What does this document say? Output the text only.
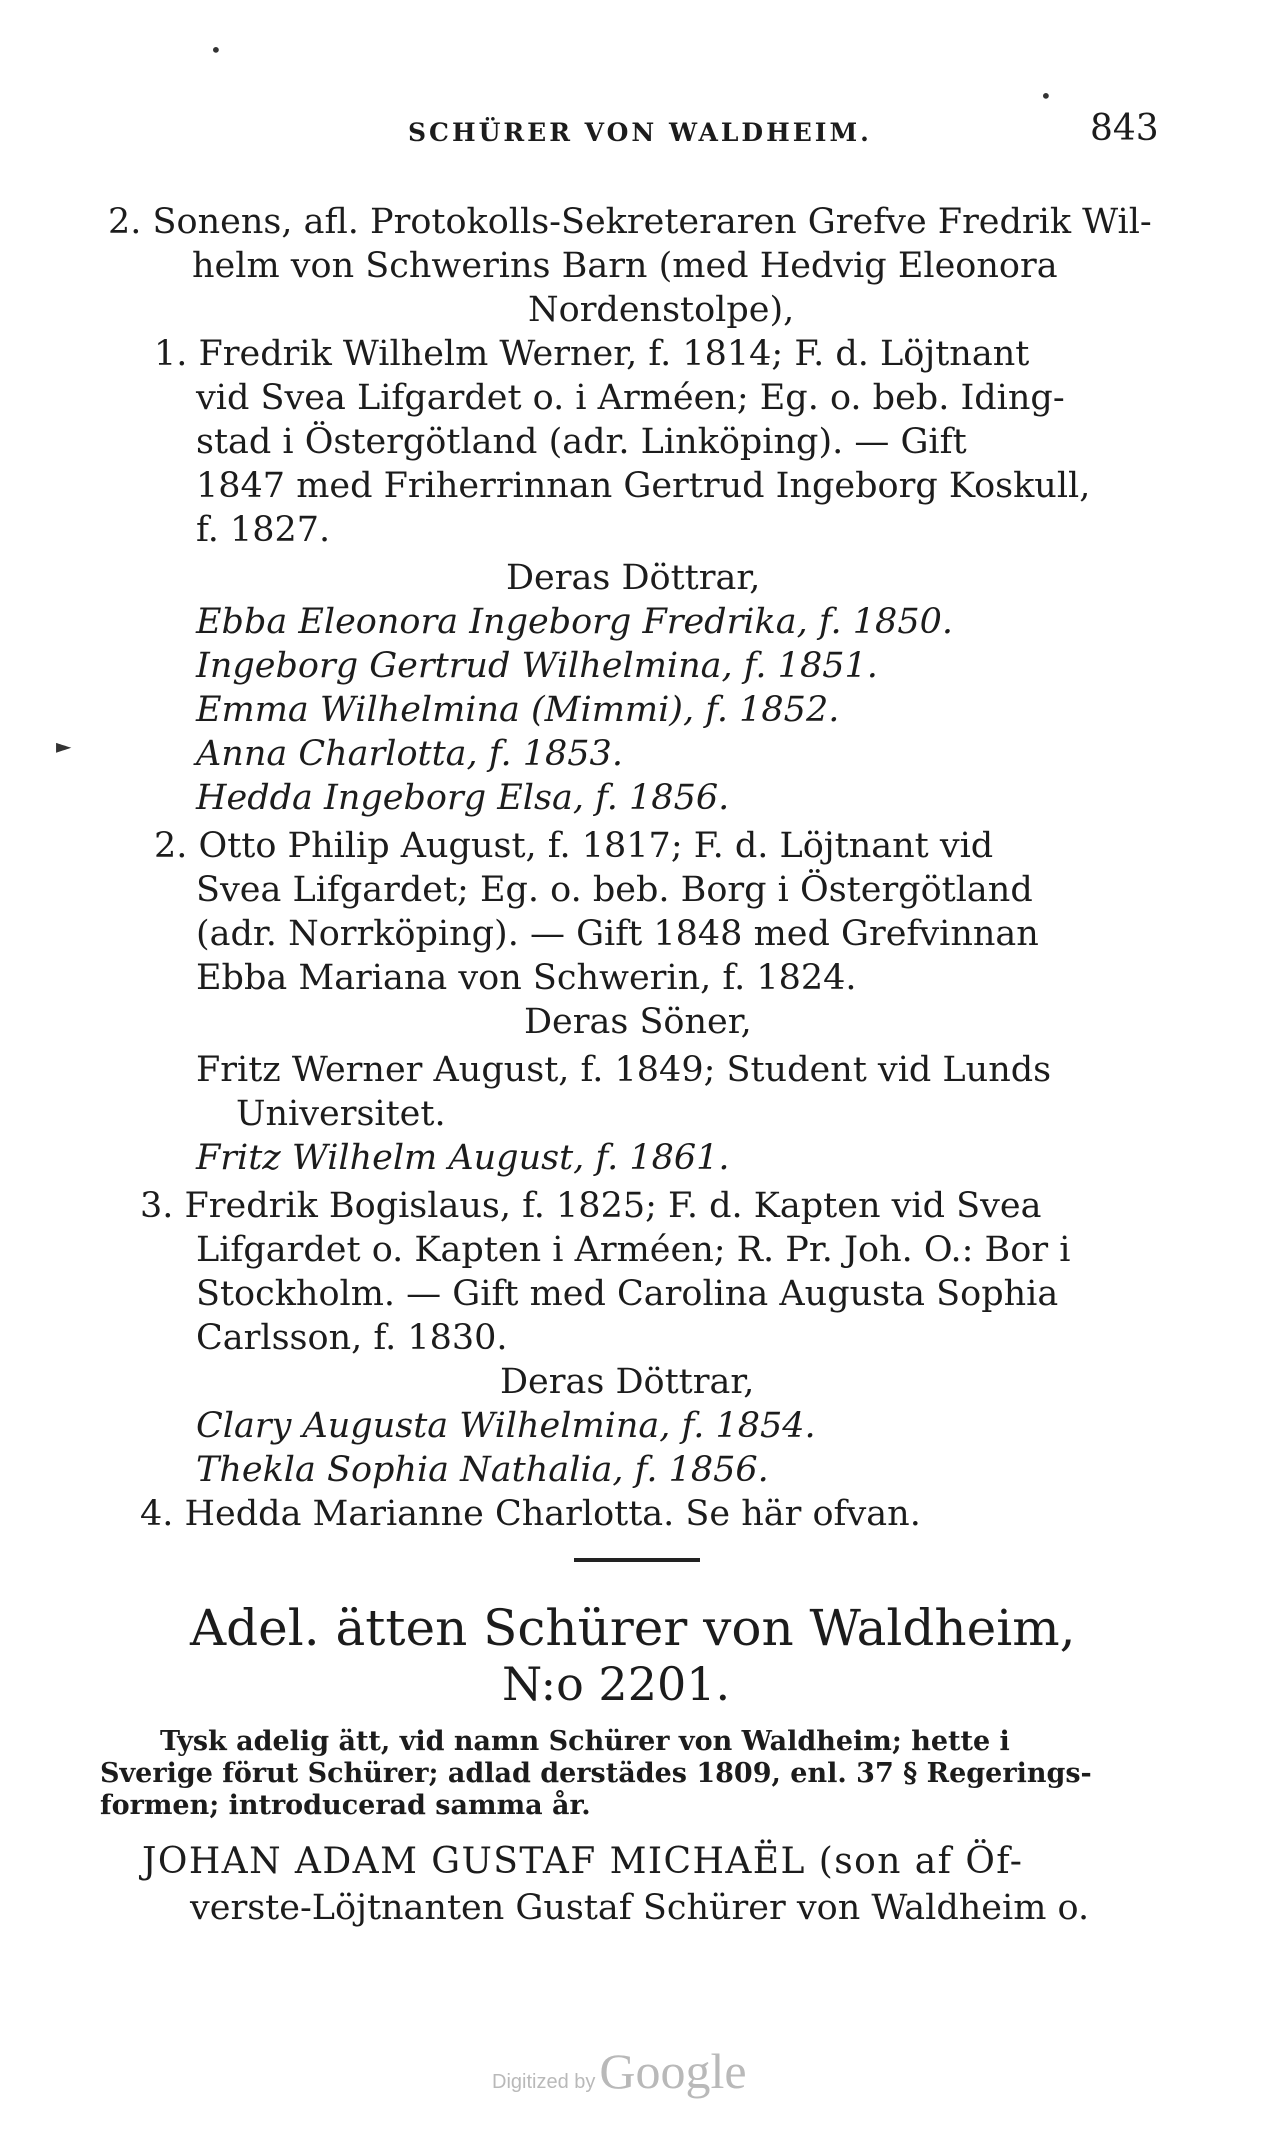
•
•
SCHÜRER VON WALDHEIM.	843
2. Sonens, afl. Protokolls-Sekreteraren Grefve Fredrik Wil-
helm von Schwerins Barn (med Hedvig Eleonora
Nordenstolpe),
1. Fredrik Wilhelm Werner, f. 1814; F. d. Löjtnant
vid Svea Lifgardet o. i Arméen; Eg. o. beb. Iding-
stad i Östergötland (adr. Linköping). — Gift
1847 med Friherrinnan Gertrud Ingeborg Koskull,
f. 1827.
Deras Döttrar,
Ebba Eleonora Ingeborg Fredrika, f. 1850.
Ingeborg Gertrud Wilhelmina, f. 1851.
Emma Wilhelmina (Mimmi), f. 1852.
►	Anna Charlotta, f. 1853.
Hedda Ingeborg Elsa, f. 1856.
2. Otto Philip August, f. 1817; F. d. Löjtnant vid
Svea Lifgardet; Eg. o. beb. Borg i Östergötland
(adr. Norrköping). — Gift 1848 med Grefvinnan
Ebba Mariana von Schwerin, f. 1824.
Deras Söner,
Fritz Werner August, f. 1849; Student vid Lunds
Universitet.
Fritz Wilhelm August, f. 1861.
3. Fredrik Bogislaus, f. 1825; F. d. Kapten vid Svea
Lifgardet o. Kapten i Arméen; R. Pr. Joh. O.: Bor i
Stockholm. — Gift med Carolina Augusta Sophia
Carlsson, f. 1830.
Deras Döttrar,
Clary Augusta Wilhelmina, f. 1854.
Thekla Sophia Nathalia, f. 1856.
4. Hedda Marianne Charlotta. Se här ofvan.
Adel. ätten Schürer von Waldheim,
N:o 2201.
Tysk adelig ätt, vid namn Schürer von Waldheim; hette i
Sverige förut Schürer; adlad derstädes 1809, enl. 37 § Regerings-
formen; introducerad samma år.
JOHAN ADAM GUSTAF MICHAËL (son af Öf-
verste-Löjtnanten Gustaf Schürer von Waldheim o.
Digitized byGoogle
